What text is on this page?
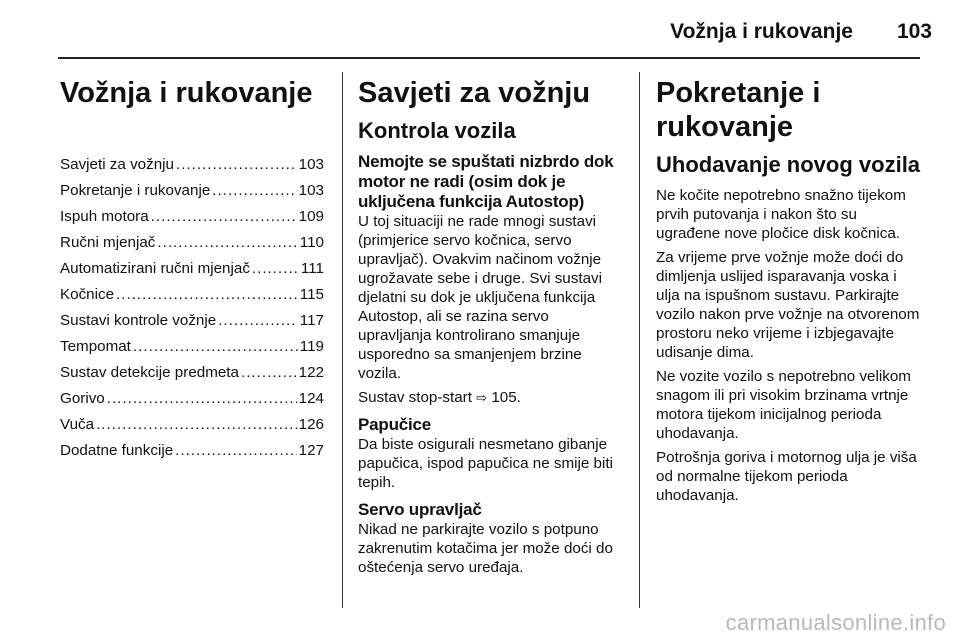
Vožnja i rukovanje 103
Vožnja i rukovanje
Savjeti za vožnju .....	103
Pokretanje i rukovanje .....	103
Ispuh motora .....	109
Ručni mjenjač .....	110
Automatizirani ručni mjenjač .....	111
Kočnice .....	115
Sustavi kontrole vožnje .....	117
Tempomat .....	119
Sustav detekcije predmeta .....	122
Gorivo .....	124
Vuča .....	126
Dodatne funkcije .....	127
Savjeti za vožnju
Kontrola vozila
Nemojte se spuštati nizbrdo dok motor ne radi (osim dok je uključena funkcija Autostop)

U toj situaciji ne rade mnogi sustavi (primjerice servo kočnica, servo upravljač). Ovakvim načinom vožnje ugrožavate sebe i druge. Svi sustavi djelatni su dok je uključena funkcija Autostop, ali se razina servo upravljanja kontrolirano smanjuje usporedno sa smanjenjem brzine vozila.

Sustav stop-start ⇨ 105.

Papučice

Da biste osigurali nesmetano gibanje papučica, ispod papučica ne smije biti tepih.

Servo upravljač

Nikad ne parkirajte vozilo s potpuno zakrenutim kotačima jer može doći do oštećenja servo uređaja.

Pokretanje i rukovanje
Uhodavanje novog vozila

Ne kočite nepotrebno snažno tijekom prvih putovanja i nakon što su ugrađene nove pločice disk kočnica.

Za vrijeme prve vožnje može doći do dimljenja uslijed isparavanja voska i ulja na ispušnom sustavu. Parkirajte vozilo nakon prve vožnje na otvorenom prostoru neko vrijeme i izbjegavajte udisanje dima.

Ne vozite vozilo s nepotrebno velikom snagom ili pri visokim brzinama vrtnje motora tijekom inicijalnog perioda uhodavanja.

Potrošnja goriva i motornog ulja je viša od normalne tijekom perioda uhodavanja.

carmanualsonline.info
